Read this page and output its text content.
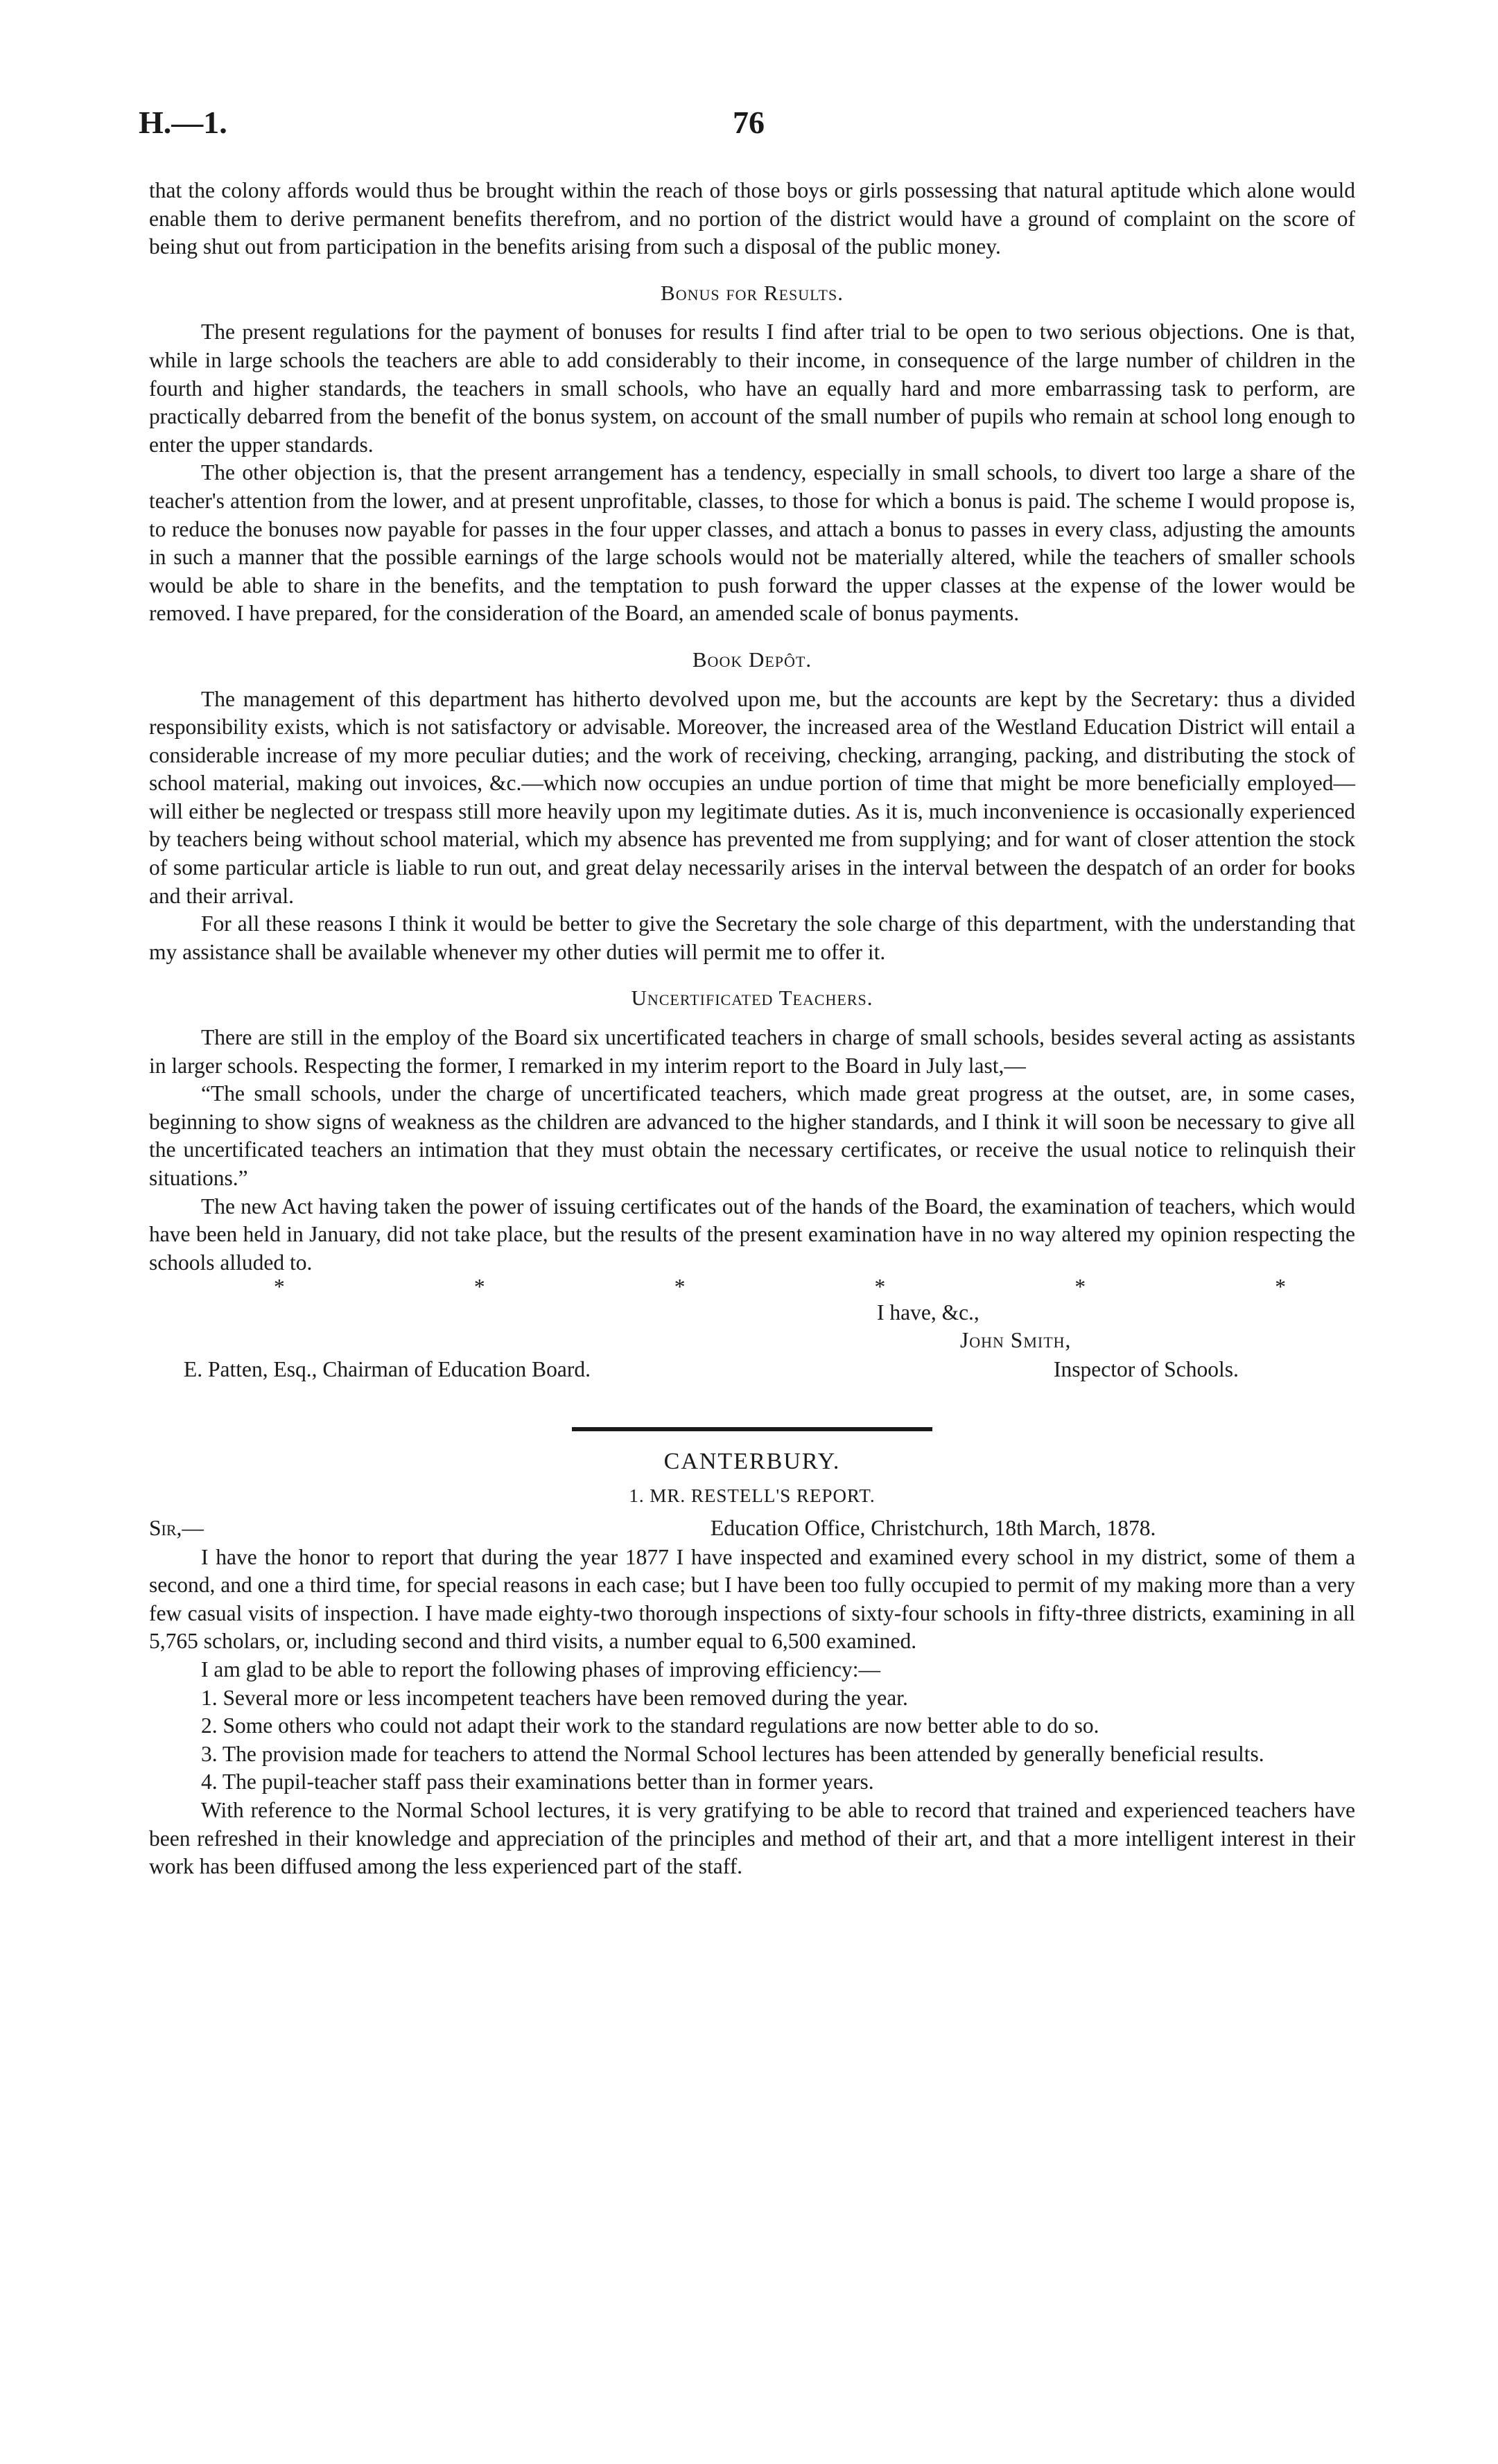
H.—1.	76

that the colony affords would thus be brought within the reach of those boys or girls possessing that natural aptitude which alone would enable them to derive permanent benefits therefrom, and no portion of the district would have a ground of complaint on the score of being shut out from participation in the benefits arising from such a disposal of the public money.

Bonus for Results.

The present regulations for the payment of bonuses for results I find after trial to be open to two serious objections. One is that, while in large schools the teachers are able to add considerably to their income, in consequence of the large number of children in the fourth and higher standards, the teachers in small schools, who have an equally hard and more embarrassing task to perform, are practically debarred from the benefit of the bonus system, on account of the small number of pupils who remain at school long enough to enter the upper standards.

The other objection is, that the present arrangement has a tendency, especially in small schools, to divert too large a share of the teacher's attention from the lower, and at present unprofitable, classes, to those for which a bonus is paid. The scheme I would propose is, to reduce the bonuses now payable for passes in the four upper classes, and attach a bonus to passes in every class, adjusting the amounts in such a manner that the possible earnings of the large schools would not be materially altered, while the teachers of smaller schools would be able to share in the benefits, and the temptation to push forward the upper classes at the expense of the lower would be removed. I have prepared, for the consideration of the Board, an amended scale of bonus payments.

Book Depôt.

The management of this department has hitherto devolved upon me, but the accounts are kept by the Secretary: thus a divided responsibility exists, which is not satisfactory or advisable. Moreover, the increased area of the Westland Education District will entail a considerable increase of my more peculiar duties; and the work of receiving, checking, arranging, packing, and distributing the stock of school material, making out invoices, &c.—which now occupies an undue portion of time that might be more beneficially employed—will either be neglected or trespass still more heavily upon my legitimate duties. As it is, much inconvenience is occasionally experienced by teachers being without school material, which my absence has prevented me from supplying; and for want of closer attention the stock of some particular article is liable to run out, and great delay necessarily arises in the interval between the despatch of an order for books and their arrival.

For all these reasons I think it would be better to give the Secretary the sole charge of this department, with the understanding that my assistance shall be available whenever my other duties will permit me to offer it.

Uncertificated Teachers.

There are still in the employ of the Board six uncertificated teachers in charge of small schools, besides several acting as assistants in larger schools. Respecting the former, I remarked in my interim report to the Board in July last,—

“The small schools, under the charge of uncertificated teachers, which made great progress at the outset, are, in some cases, beginning to show signs of weakness as the children are advanced to the higher standards, and I think it will soon be necessary to give all the uncertificated teachers an intimation that they must obtain the necessary certificates, or receive the usual notice to relinquish their situations.”

The new Act having taken the power of issuing certificates out of the hands of the Board, the examination of teachers, which would have been held in January, did not take place, but the results of the present examination have in no way altered my opinion respecting the schools alluded to.

*	*	*	*	*	*
I have, &c.,
John Smith,
E. Patten, Esq., Chairman of Education Board.	Inspector of Schools.
CANTERBURY.
1. MR. RESTELL'S REPORT.
Sir,—	Education Office, Christchurch, 18th March, 1878.

I have the honor to report that during the year 1877 I have inspected and examined every school in my district, some of them a second, and one a third time, for special reasons in each case; but I have been too fully occupied to permit of my making more than a very few casual visits of inspection. I have made eighty-two thorough inspections of sixty-four schools in fifty-three districts, examining in all 5,765 scholars, or, including second and third visits, a number equal to 6,500 examined.

I am glad to be able to report the following phases of improving efficiency:—

1. Several more or less incompetent teachers have been removed during the year.

2. Some others who could not adapt their work to the standard regulations are now better able to do so.

3. The provision made for teachers to attend the Normal School lectures has been attended by generally beneficial results.

4. The pupil-teacher staff pass their examinations better than in former years.

With reference to the Normal School lectures, it is very gratifying to be able to record that trained and experienced teachers have been refreshed in their knowledge and appreciation of the principles and method of their art, and that a more intelligent interest in their work has been diffused among the less experienced part of the staff.
